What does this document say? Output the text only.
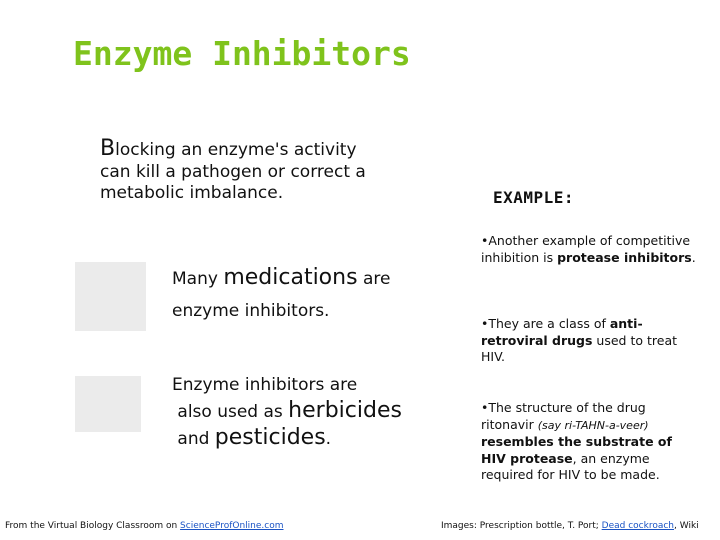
Enzyme Inhibitors
Blocking an enzyme's activity
can kill a pathogen or correct a metabolic imbalance.
Many medications are
enzyme inhibitors.
Enzyme inhibitors are
also used as herbicides
and pesticides.
EXAMPLE:
•Another example of competitive inhibition is protease inhibitors.
•They are a class of anti-retroviral drugs used to treat HIV.
•The structure of the drug ritonavir (say ri-TAHN-a-veer) resembles the substrate of HIV protease, an enzyme required for HIV to be made.
From the Virtual Biology Classroom on ScienceProfOnline.com	Images: Prescription bottle, T. Port; Dead cockroach, Wiki
